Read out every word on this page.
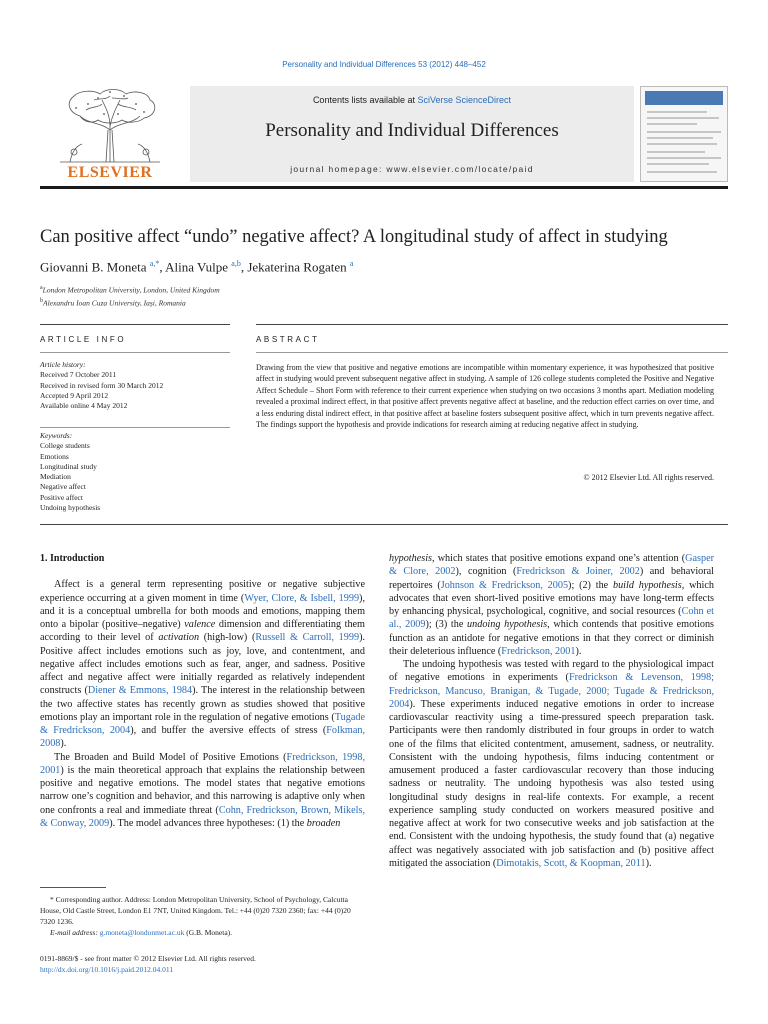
Personality and Individual Differences 53 (2012) 448–452
ELSEVIER
Contents lists available at SciVerse ScienceDirect
Personality and Individual Differences
journal homepage: www.elsevier.com/locate/paid
Can positive affect “undo” negative affect? A longitudinal study of affect in studying
Giovanni B. Moneta $^{a,*}$, Alina Vulpe $^{a,b}$, Jekaterina Rogaten $^a$
$^a$London Metropolitan University, London, United Kingdom
$^b$Alexandru Ioan Cuza University, Iași, Romania
ARTICLE INFO	ABSTRACT
Article history:
Received 7 October 2011
Received in revised form 30 March 2012
Accepted 9 April 2012
Available online 4 May 2012
Keywords:
College students
Emotions
Longitudinal study
Mediation
Negative affect
Positive affect
Undoing hypothesis
Drawing from the view that positive and negative emotions are incompatible within momentary experience, it was hypothesized that positive affect in studying would prevent subsequent negative affect in studying. A sample of 126 college students completed the Positive and Negative Affect Schedule – Short Form with reference to their current experience when studying on two occasions 3 months apart. Mediation modeling revealed a proximal indirect effect, in that positive affect prevents negative affect at baseline, and the reduction effect carries on over time, and a less enduring distal indirect effect, in that positive affect at baseline fosters subsequent positive affect, which in turn prevents negative affect. The findings support the hypothesis and provide indications for research aiming at reducing negative affect in studying.
© 2012 Elsevier Ltd. All rights reserved.
1. Introduction

Affect is a general term representing positive or negative subjective experience occurring at a given moment in time (Wyer, Clore, & Isbell, 1999), and it is a conceptual umbrella for both moods and emotions, mapping them onto a bipolar (positive–negative) valence dimension and differentiating them according to their level of activation (high-low) (Russell & Carroll, 1999). Positive affect includes emotions such as joy, love, and contentment, and negative affect includes emotions such as fear, anger, and sadness. Positive affect and negative affect were initially regarded as relatively independent constructs (Diener & Emmons, 1984). The interest in the relationship between the two affective states has recently grown as studies showed that positive emotions play an important role in the regulation of negative emotions (Tugade & Fredrickson, 2004), and buffer the aversive effects of stress (Folkman, 2008).

The Broaden and Build Model of Positive Emotions (Fredrickson, 1998, 2001) is the main theoretical approach that explains the relationship between positive and negative emotions. The model states that negative emotions narrow one’s cognition and behavior, and this narrowing is adaptive only when one confronts a real and immediate threat (Cohn, Fredrickson, Brown, Mikels, & Conway, 2009). The model advances three hypotheses: (1) the broaden

hypothesis, which states that positive emotions expand one’s attention (Gasper & Clore, 2002), cognition (Fredrickson & Joiner, 2002) and behavioral repertoires (Johnson & Fredrickson, 2005); (2) the build hypothesis, which advocates that even short-lived positive emotions may have long-term effects by enhancing physical, psychological, cognitive, and social resources (Cohn et al., 2009); (3) the undoing hypothesis, which contends that positive emotions function as an antidote for negative emotions in that they correct or diminish their deleterious influence (Fredrickson, 2001).

The undoing hypothesis was tested with regard to the physiological impact of negative emotions in experiments (Fredrickson & Levenson, 1998; Fredrickson, Mancuso, Branigan, & Tugade, 2000; Tugade & Fredrickson, 2004). These experiments induced negative emotions in order to increase cardiovascular reactivity using a time-pressured speech preparation task. Participants were then randomly distributed in four groups in order to watch one of the films that elicited contentment, amusement, sadness, or neutrality. Consistent with the undoing hypothesis, films inducing contentment or amusement produced a faster cardiovascular recovery than those inducing sadness or neutrality. The undoing hypothesis was also tested using longitudinal study designs in real-life contexts. For example, a recent experience sampling study conducted on workers measured positive and negative affect at work for two consecutive weeks and job satisfaction at the end. Consistent with the undoing hypothesis, the study found that (a) negative affect was negatively associated with job satisfaction and (b) positive affect mitigated the association (Dimotakis, Scott, & Koopman, 2011).

* Corresponding author. Address: London Metropolitan University, School of Psychology, Calcutta House, Old Castle Street, London E1 7NT, United Kingdom. Tel.: +44 (0)20 7320 2360; fax: +44 (0)20 7320 1236.

E-mail address: g.moneta@londonmet.ac.uk (G.B. Moneta).

0191-8869/$ - see front matter © 2012 Elsevier Ltd. All rights reserved.
http://dx.doi.org/10.1016/j.paid.2012.04.011
